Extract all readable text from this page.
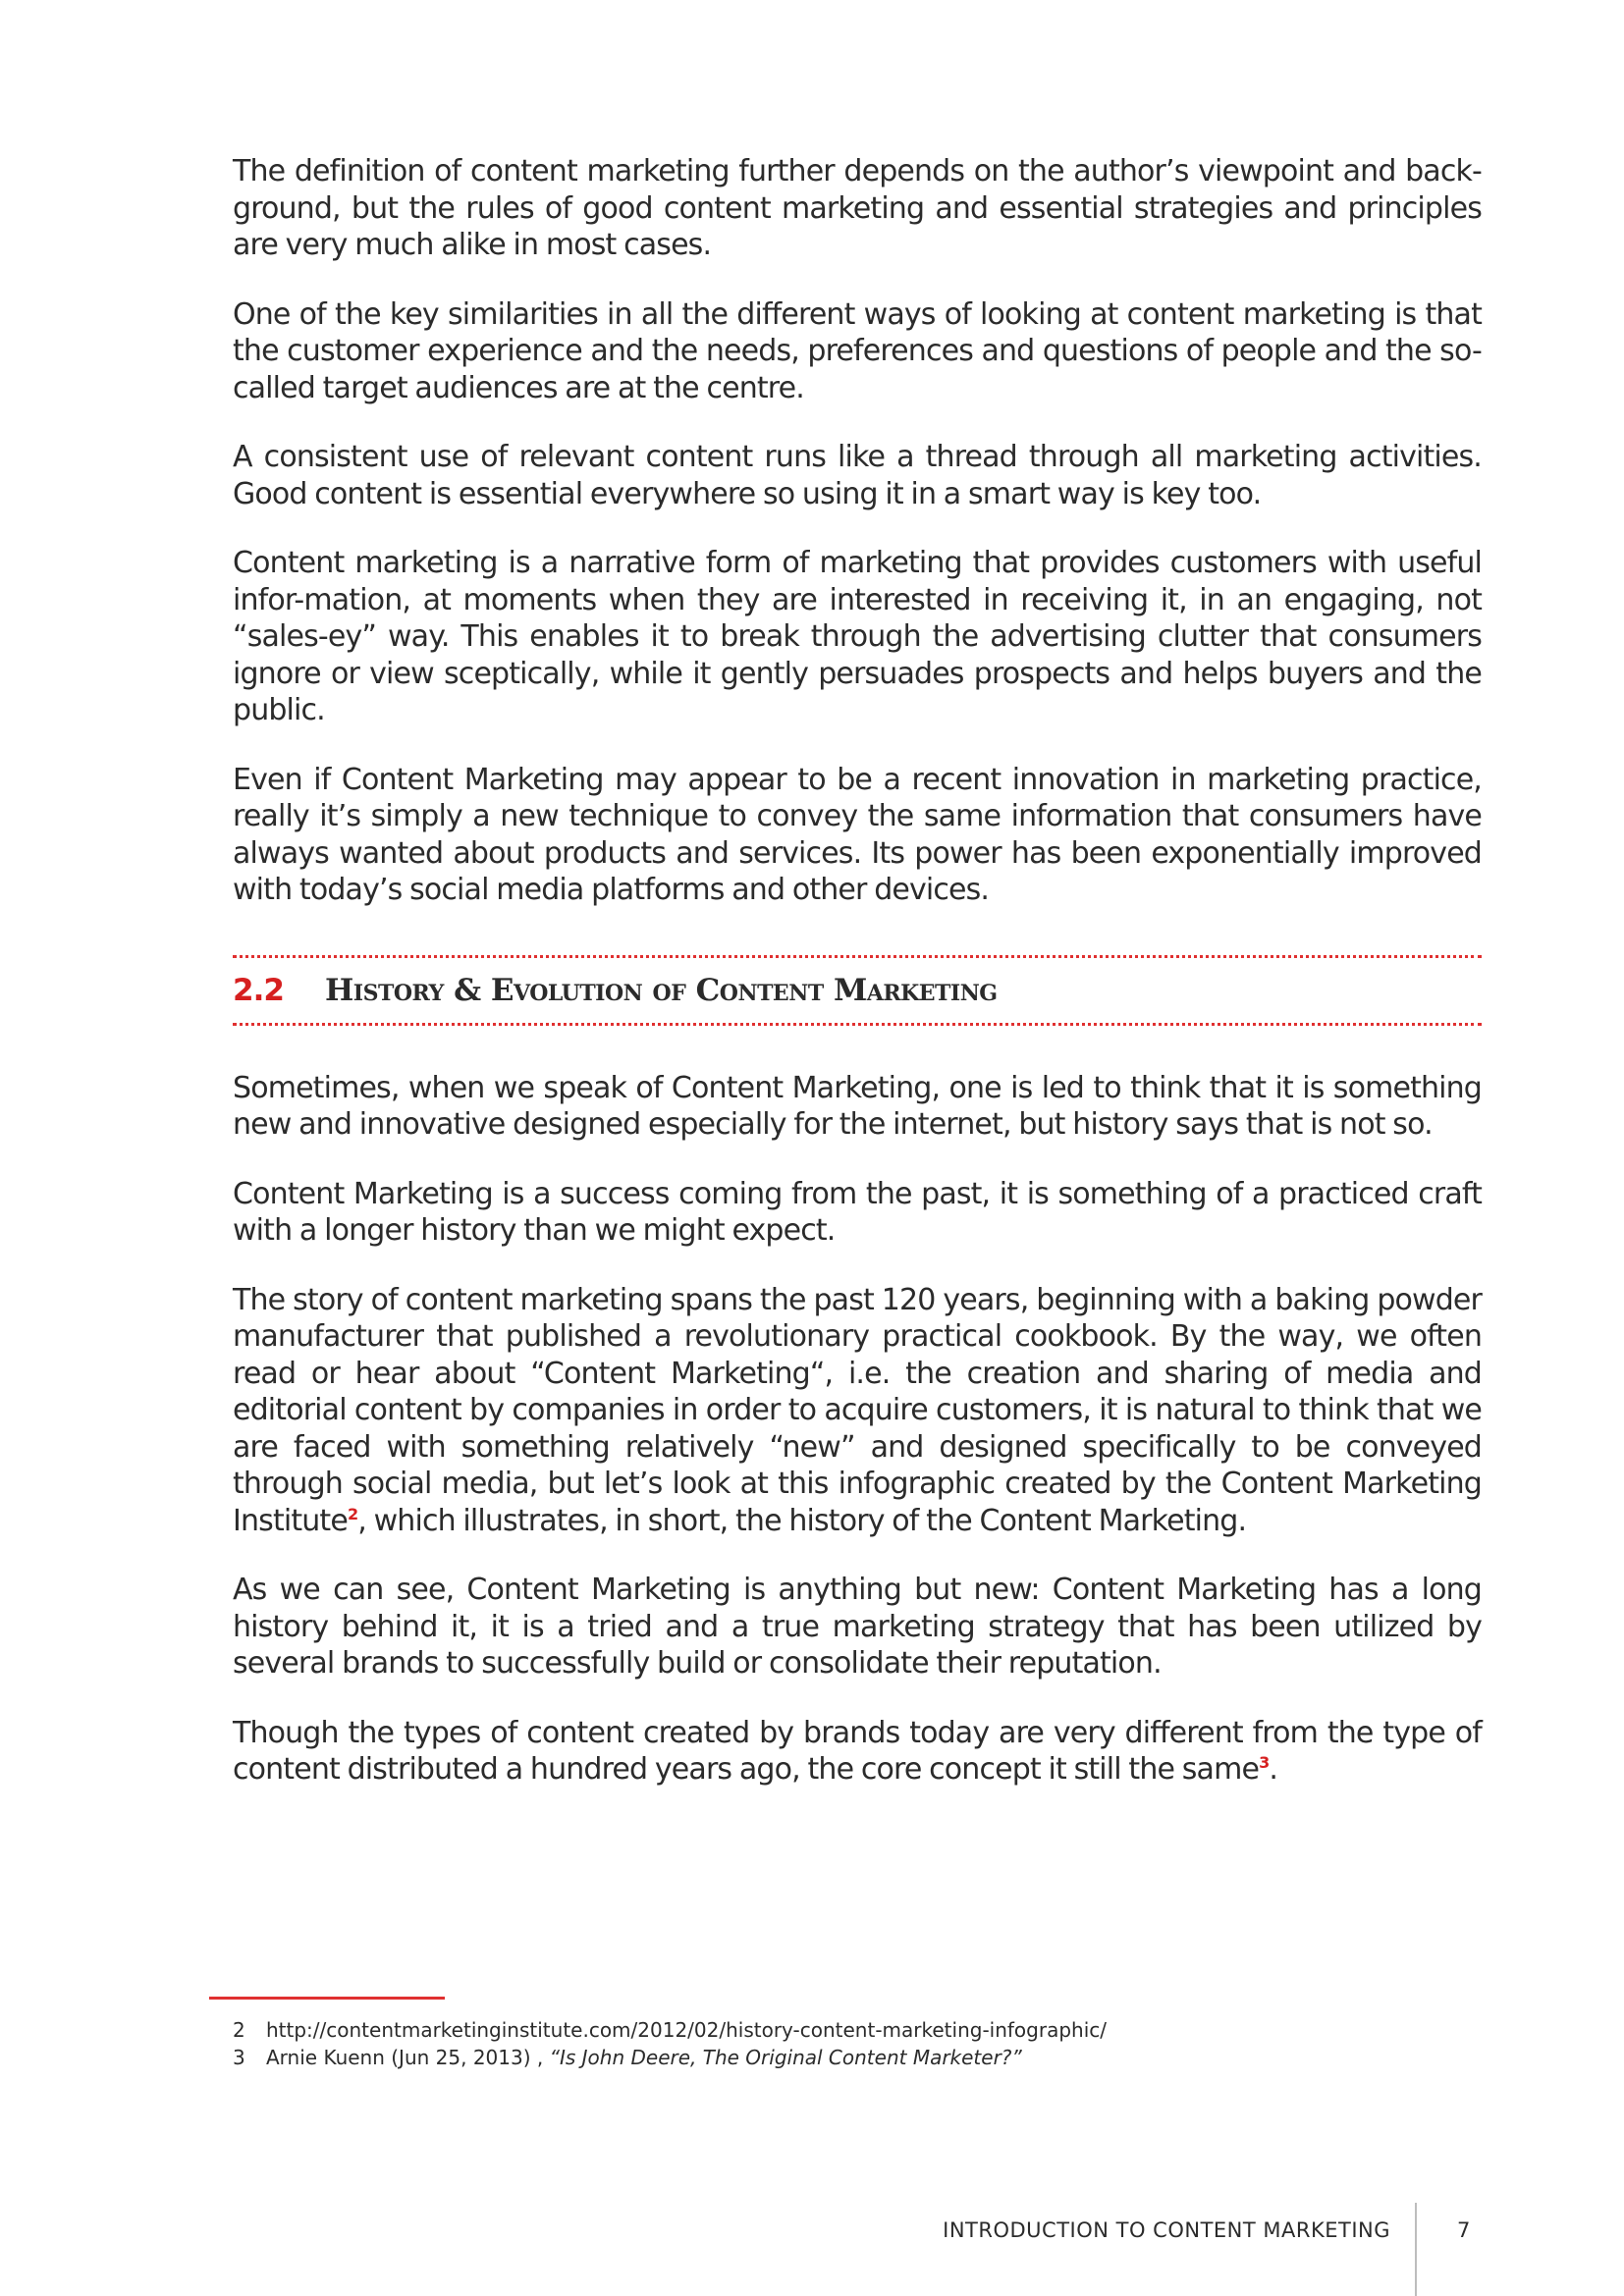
The definition of content marketing further depends on the author’s viewpoint and back-ground, but the rules of good content marketing and essential strategies and principles are very much alike in most cases.

One of the key similarities in all the different ways of looking at content marketing is that the customer experience and the needs, preferences and questions of people and the so-called target audiences are at the centre.

A consistent use of relevant content runs like a thread through all marketing activities. Good content is essential everywhere so using it in a smart way is key too.

Content marketing is a narrative form of marketing that provides customers with useful infor-mation, at moments when they are interested in receiving it, in an engaging, not “sales-ey” way. This enables it to break through the advertising clutter that consumers ignore or view sceptically, while it gently persuades prospects and helps buyers and the public.

Even if Content Marketing may appear to be a recent innovation in marketing practice, really it’s simply a new technique to convey the same information that consumers have always wanted about products and services. Its power has been exponentially improved with today’s social media platforms and other devices.

2.2	History & Evolution of Content Marketing

Sometimes, when we speak of Content Marketing, one is led to think that it is something new and innovative designed especially for the internet, but history says that is not so.

Content Marketing is a success coming from the past, it is something of a practiced craft with a longer history than we might expect.

The story of content marketing spans the past 120 years, beginning with a baking powder manufacturer that published a revolutionary practical cookbook. By the way, we often read or hear about “Content Marketing“, i.e. the creation and sharing of media and editorial content by companies in order to acquire customers, it is natural to think that we are faced with something relatively “new” and designed specifically to be conveyed through social media, but let’s look at this infographic created by the Content Marketing Institute$^2$, which illustrates, in short, the history of the Content Marketing.

As we can see, Content Marketing is anything but new: Content Marketing has a long history behind it, it is a tried and a true marketing strategy that has been utilized by several brands to successfully build or consolidate their reputation.

Though the types of content created by brands today are very different from the type of content distributed a hundred years ago, the core concept it still the same$^3$.

2	http://contentmarketinginstitute.com/2012/02/history-content-marketing-infographic/
3	Arnie Kuenn (Jun 25, 2013) , “Is John Deere, The Original Content Marketer?”
INTRODUCTION TO CONTENT MARKETING	7
